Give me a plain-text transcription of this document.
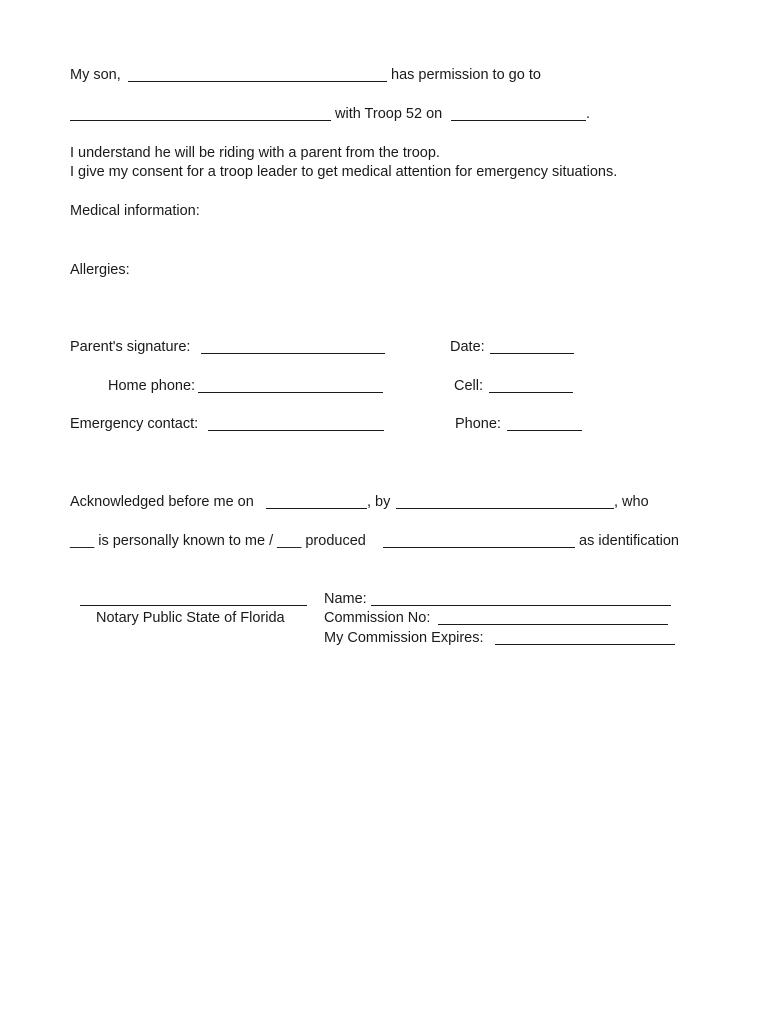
My son,	has permission to go to
with Troop 52 on	.
I understand he will be riding with a parent from the troop.
I give my consent for a troop leader to get medical attention for emergency situations.
Medical information:
Allergies:
Parent's signature:	Date:
Home phone:	Cell:
Emergency contact:	Phone:
Acknowledged before me on	, by	, who
___ is personally known to me / ___ produced	as identification
Notary Public State of Florida
Name:
Commission No:
My Commission Expires:
